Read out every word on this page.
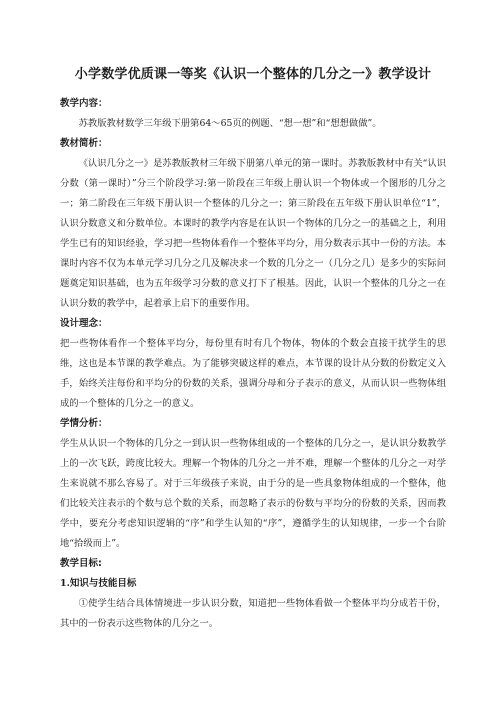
小学数学优质课一等奖《认识一个整体的几分之一》教学设计
教学内容：

苏教版教材数学三年级下册第64～65页的例题、“想一想”和“想想做做”。

教材简析：

《认识几分之一》是苏教版教材三年级下册第八单元的第一课时。苏教版教材中有关“认识分数（第一课时）”分三个阶段学习:第一阶段在三年级上册认识一个物体或一个图形的几分之一；第二阶段在三年级下册认识一个整体的几分之一；第三阶段在五年级下册认识单位“1”，认识分数意义和分数单位。本课时的教学内容是在认识一个物体的几分之一的基础之上，利用学生已有的知识经验，学习把一些物体看作一个整体平均分，用分数表示其中一份的方法。本课时内容不仅为本单元学习几分之几及解决求一个数的几分之一（几分之几）是多少的实际问题奠定知识基础，也为五年级学习分数的意义打下了根基。因此，认识一个整体的几分之一在认识分数的教学中，起着承上启下的重要作用。

设计理念：

把一些物体看作一个整体平均分，每份里有时有几个物体，物体的个数会直接干扰学生的思维，这也是本节课的教学难点。为了能够突破这样的难点，本节课的设计从分数的份数定义入手，始终关注每份和平均分的份数的关系，强调分母和分子表示的意义，从而认识一些物体组成的一个整体的几分之一的意义。

学情分析：

学生从认识一个物体的几分之一到认识一些物体组成的一个整体的几分之一，是认识分数教学上的一次飞跃，跨度比较大。理解一个物体的几分之一并不难，理解一个整体的几分之一对学生来说就不那么容易了。对于三年级孩子来说，由于分的是一些具象物体组成的一个整体，他们比较关注表示的个数与总个数的关系，而忽略了表示的份数与平均分的份数的关系，因而教学中，要充分考虑知识逻辑的“序”和学生认知的“序”，遵循学生的认知规律，一步一个台阶地“拾级而上”。

教学目标:
1.知识与技能目标

①使学生结合具体情境进一步认识分数，知道把一些物体看做一个整体平均分成若干份，其中的一份表示这些物体的几分之一。
